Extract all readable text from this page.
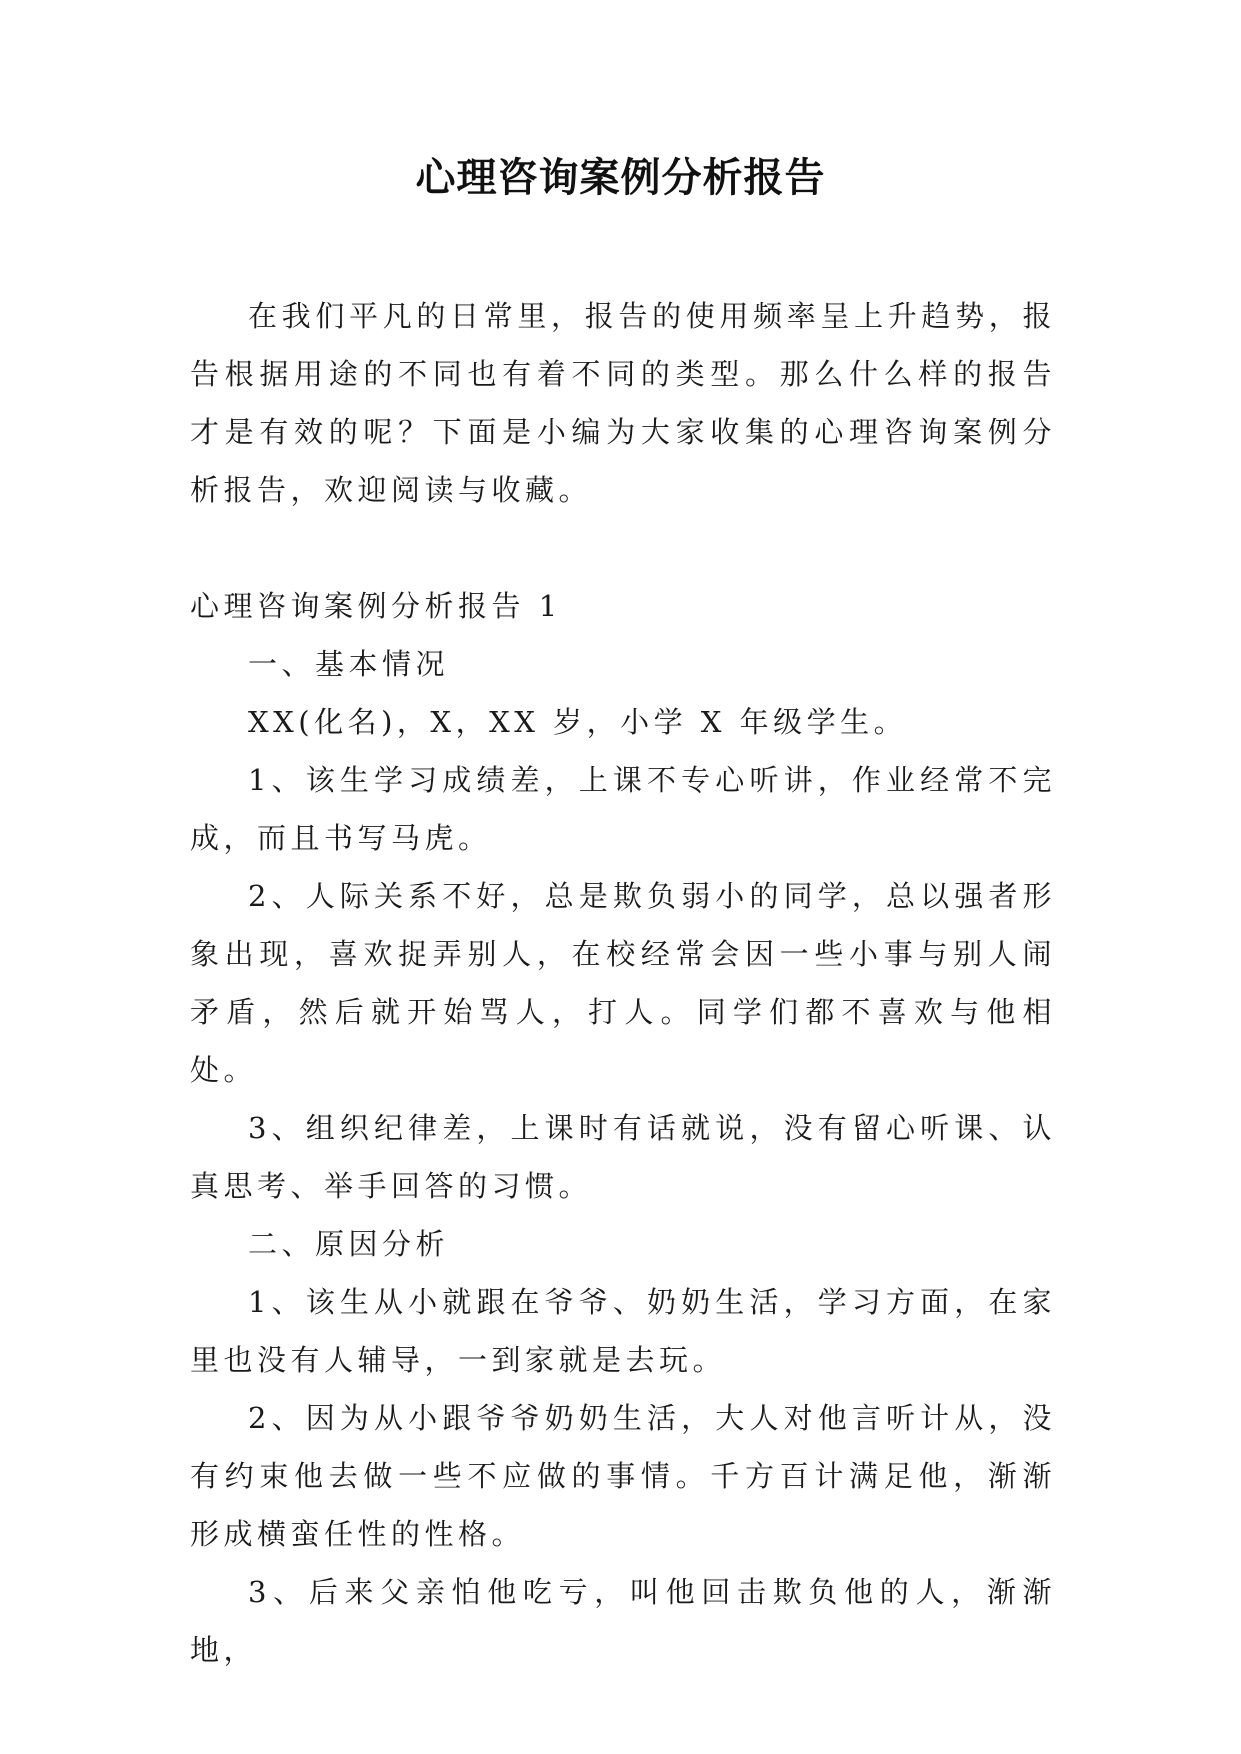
心理咨询案例分析报告

在我们平凡的日常里，报告的使用频率呈上升趋势，报告根据用途的不同也有着不同的类型。那么什么样的报告才是有效的呢？下面是小编为大家收集的心理咨询案例分析报告，欢迎阅读与收藏。

心理咨询案例分析报告 1

一、基本情况

XX(化名)，X，XX 岁，小学 X 年级学生。

1、该生学习成绩差，上课不专心听讲，作业经常不完成，而且书写马虎。

2、人际关系不好，总是欺负弱小的同学，总以强者形象出现，喜欢捉弄别人，在校经常会因一些小事与别人闹矛盾，然后就开始骂人，打人。同学们都不喜欢与他相处。

3、组织纪律差，上课时有话就说，没有留心听课、认真思考、举手回答的习惯。

二、原因分析

1、该生从小就跟在爷爷、奶奶生活，学习方面，在家里也没有人辅导，一到家就是去玩。

2、因为从小跟爷爷奶奶生活，大人对他言听计从，没有约束他去做一些不应做的事情。千方百计满足他，渐渐形成横蛮任性的性格。

3、后来父亲怕他吃亏，叫他回击欺负他的人，渐渐地，
